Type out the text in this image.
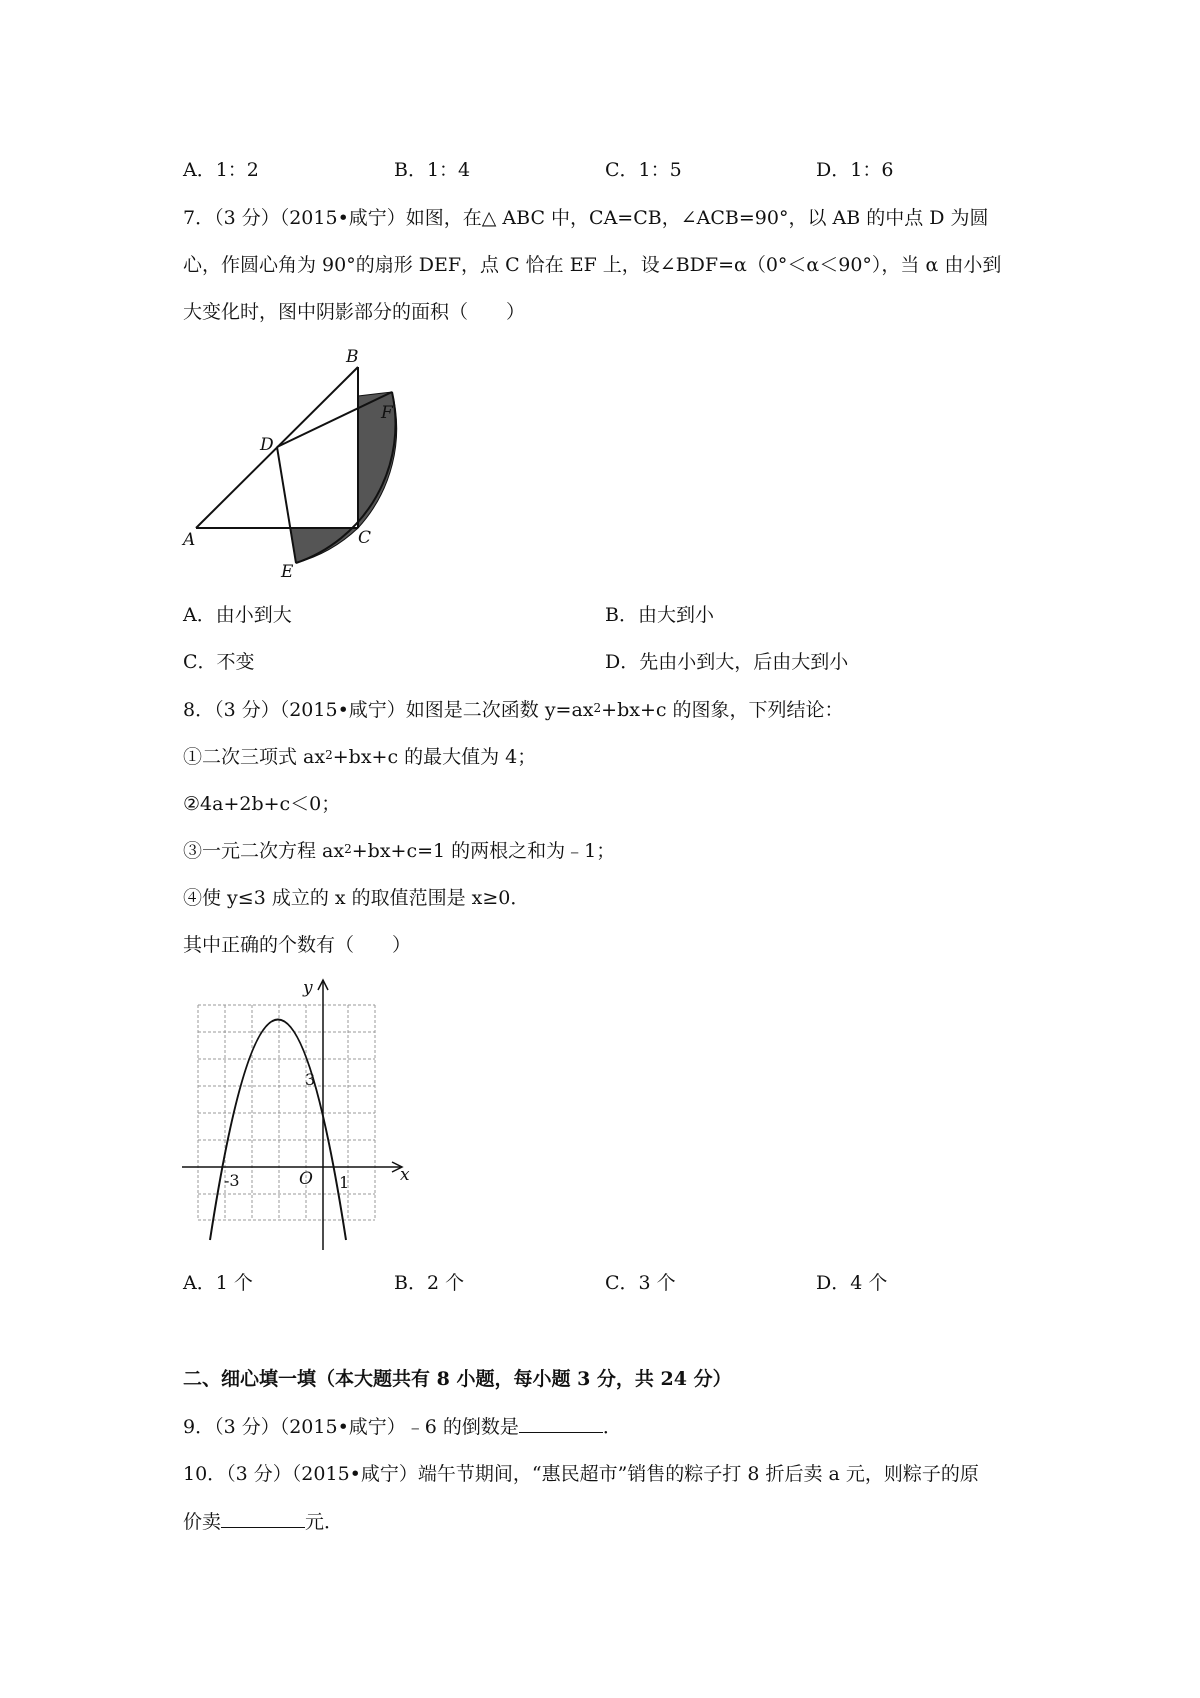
A．1：2	B．1：4	C．1：5	D．1：6
7．（3 分）（2015•咸宁）如图，在△ ABC 中，CA=CB，∠ACB=90°，以 AB 的中点 D 为圆
心，作圆心角为 90°的扇形 DEF，点 C 恰在 EF 上，设∠BDF=α（0°＜α＜90°），当 α 由小到
大变化时，图中阴影部分的面积（　　）
B
F
D
A	C
E
A．由小到大	B．由大到小
C．不变	D．先由小到大，后由大到小
8．（3 分）（2015•咸宁）如图是二次函数 $y=ax^2+bx+c$ 的图象，下列结论：
①二次三项式 $ax^2+bx+c$ 的最大值为 4；
②4a+2b+c＜0；
③一元二次方程 $ax^2+bx+c=1$ 的两根之和为﹣1；
④使 y≤3 成立的 x 的取值范围是 x≥0．
其中正确的个数有（　　）
y
x
O
-3	1
3
A．1 个	B．2 个	C．3 个	D．4 个
二、细心填一填（本大题共有 8 小题，每小题 3 分，共 24 分）
9．（3 分）（2015•咸宁）﹣6 的倒数是	．
10．（3 分）（2015•咸宁）端午节期间，“惠民超市”销售的粽子打 8 折后卖 a 元，则粽子的原
价卖	元．
